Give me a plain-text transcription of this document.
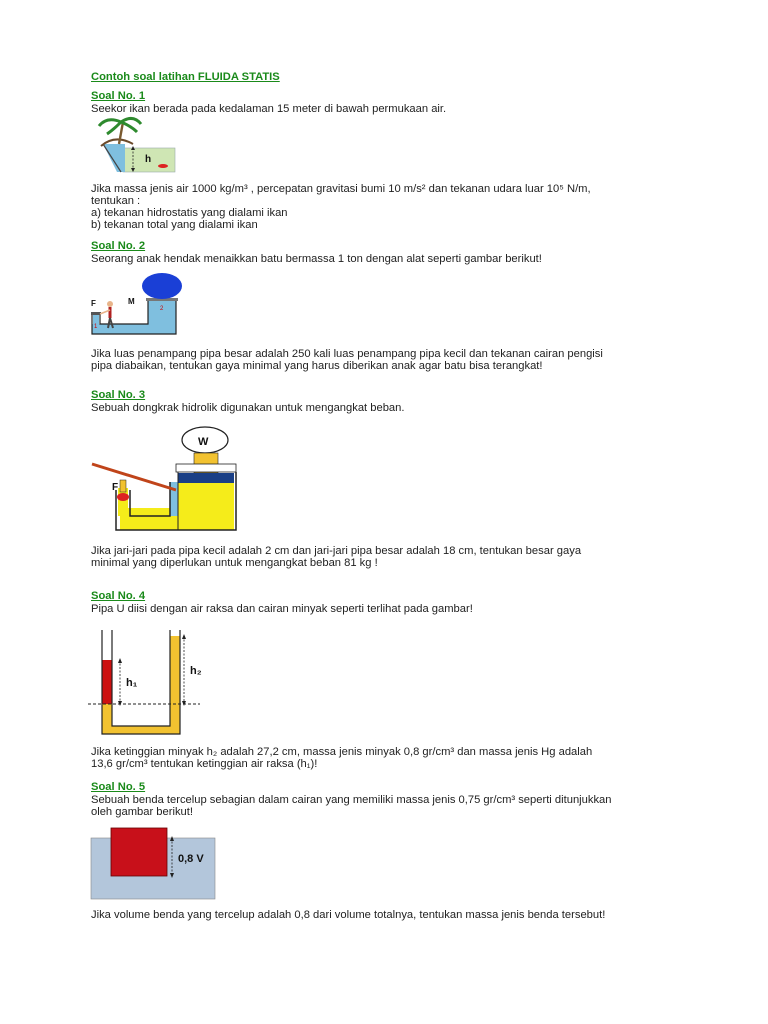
Contoh soal latihan FLUIDA STATIS
Soal No. 1
Seekor ikan berada pada kedalaman 15 meter di bawah permukaan air.
h
Jika massa jenis air 1000 kg/m³ , percepatan gravitasi bumi 10 m/s² dan tekanan udara luar 10⁵ N/m,
tentukan :
a) tekanan hidrostatis yang dialami ikan
b) tekanan total yang dialami ikan
Soal No. 2
Seorang anak hendak menaikkan batu bermassa 1 ton dengan alat seperti gambar berikut!
F	M
1
2
Jika luas penampang pipa besar adalah 250 kali luas penampang pipa kecil dan tekanan cairan pengisi
pipa diabaikan, tentukan gaya minimal yang harus diberikan anak agar batu bisa terangkat!
Soal No. 3
Sebuah dongkrak hidrolik digunakan untuk mengangkat beban.
W
F
Jika jari-jari pada pipa kecil adalah 2 cm dan jari-jari pipa besar adalah 18 cm, tentukan besar gaya
minimal yang diperlukan untuk mengangkat beban 81 kg !
Soal No. 4
Pipa U diisi dengan air raksa dan cairan minyak seperti terlihat pada gambar!
h₁
h₂
Jika ketinggian minyak h₂ adalah 27,2 cm, massa jenis minyak 0,8 gr/cm³ dan massa jenis Hg adalah
13,6 gr/cm³ tentukan ketinggian air raksa (h₁)!
Soal No. 5
Sebuah benda tercelup sebagian dalam cairan yang memiliki massa jenis 0,75 gr/cm³ seperti ditunjukkan
oleh gambar berikut!
0,8 V
Jika volume benda yang tercelup adalah 0,8 dari volume totalnya, tentukan massa jenis benda tersebut!
